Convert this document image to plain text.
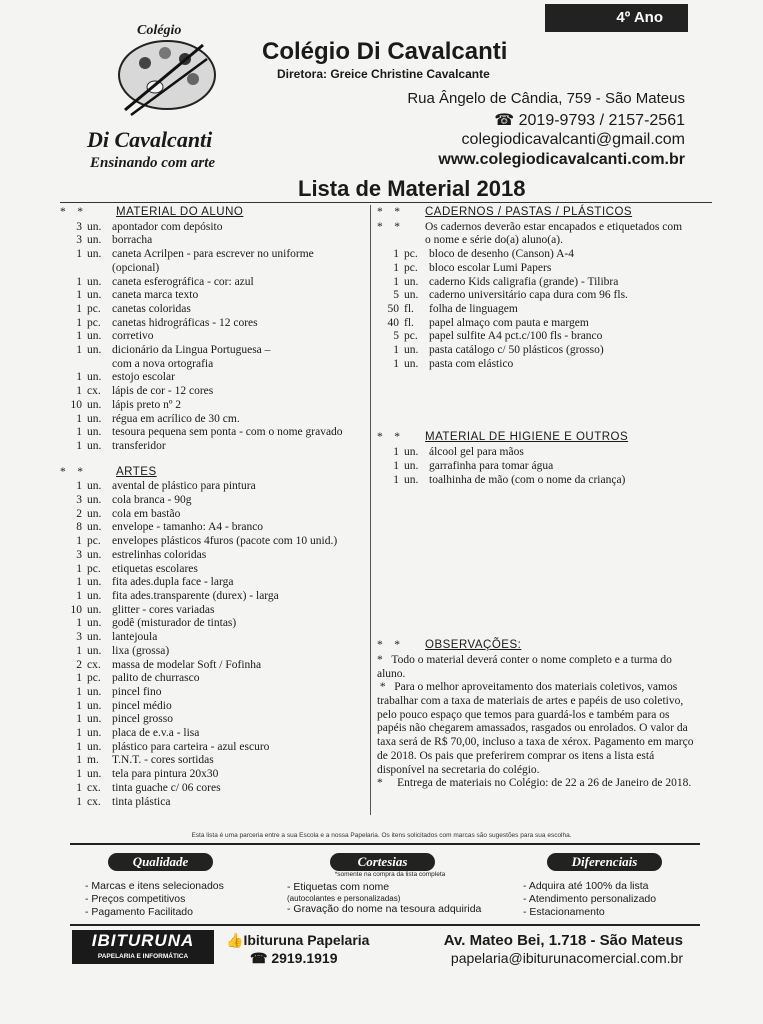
4º Ano
Colégio
Di Cavalcanti
Ensinando com arte
Colégio Di Cavalcanti
Diretora: Greice Christine Cavalcante
Rua Ângelo de Cândia, 759 - São Mateus
☎ 2019-9793 / 2157-2561
colegiodicavalcanti@gmail.com
www.colegiodicavalcanti.com.br
Lista de Material 2018
* *	MATERIAL DO ALUNO
3 un. apontador com depósito
3 un. borracha
1 un. caneta Acrilpen - para escrever no uniforme
(opcional)
1 un. caneta esferográfica - cor: azul
1 un. caneta marca texto
1 pc. canetas coloridas
1 pc. canetas hidrográficas - 12 cores
1 un. corretivo
1 un. dicionário da Lingua Portuguesa –
com a nova ortografia
1 un. estojo escolar
1 cx. lápis de cor - 12 cores
10 un. lápis preto nº 2
1 un. régua em acrílico de 30 cm.
1 un. tesoura pequena sem ponta - com o nome gravado
1 un. transferidor
* *	ARTES
1 un. avental de plástico para pintura
3 un. cola branca - 90g
2 un. cola em bastão
8 un. envelope - tamanho: A4 - branco
1 pc. envelopes plásticos 4furos (pacote com 10 unid.)
3 un. estrelinhas coloridas
1 pc. etiquetas escolares
1 un. fita ades.dupla face - larga
1 un. fita ades.transparente (durex) - larga
10 un. glitter - cores variadas
1 un. godê (misturador de tintas)
3 un. lantejoula
1 un. lixa (grossa)
2 cx. massa de modelar Soft / Fofinha
1 pc. palito de churrasco
1 un. pincel fino
1 un. pincel médio
1 un. pincel grosso
1 un. placa de e.v.a - lisa
1 un. plástico para carteira - azul escuro
1 m.	T.N.T. - cores sortidas
1 un. tela para pintura 20x30
1 cx. tinta guache c/ 06 cores
1 cx. tinta plástica
* *	CADERNOS / PASTAS / PLÁSTICOS
* *	Os cadernos deverão estar encapados e etiquetados com o nome e série do(a) aluno(a).
1 pc. bloco de desenho (Canson) A-4
1 pc. bloco escolar Lumi Papers
1 un. caderno Kids caligrafia (grande) - Tilibra
5 un. caderno universitário capa dura com 96 fls.
50 fl.	folha de linguagem
40 fl.	papel almaço com pauta e margem
5 pc. papel sulfite A4 pct.c/100 fls - branco
1 un. pasta catálogo c/ 50 plásticos (grosso)
1 un. pasta com elástico
* *	MATERIAL DE HIGIENE E OUTROS
1 un. álcool gel para mãos
1 un. garrafinha para tomar água
1 un. toalhinha de mão (com o nome da criança)
* *	OBSERVAÇÕES:

* Todo o material deverá conter o nome completo e a turma do aluno.

* Para o melhor aproveitamento dos materiais coletivos, vamos trabalhar com a taxa de materiais de artes e papéis de uso coletivo, pelo pouco espaço que temos para guardá-los e também para os papéis não chegarem amassados, rasgados ou enrolados. O valor da taxa será de R$ 70,00, incluso a taxa de xérox. Pagamento em março de 2018. Os pais que preferirem comprar os itens a lista está disponível na secretaria do colégio.

* Entrega de materiais no Colégio: de 22 a 26 de Janeiro de 2018.

Esta lista é uma parceria entre a sua Escola e a nossa Papelaria. Os itens solicitados com marcas são sugestões para sua escolha.
Qualidade
- Marcas e itens selecionados
- Preços competitivos
- Pagamento Facilitado
Cortesias
*somente na compra da lista completa
- Etiquetas com nome
(autocolantes e personalizadas)
- Gravação do nome na tesoura adquirida
Diferenciais
- Adquira até 100% da lista
- Atendimento personalizado
- Estacionamento
IBITURUNA
PAPELARIA E INFORMÁTICA
👍Ibituruna Papelaria
☎ 2919.1919
Av. Mateo Bei, 1.718 - São Mateus
papelaria@ibiturunacomercial.com.br
